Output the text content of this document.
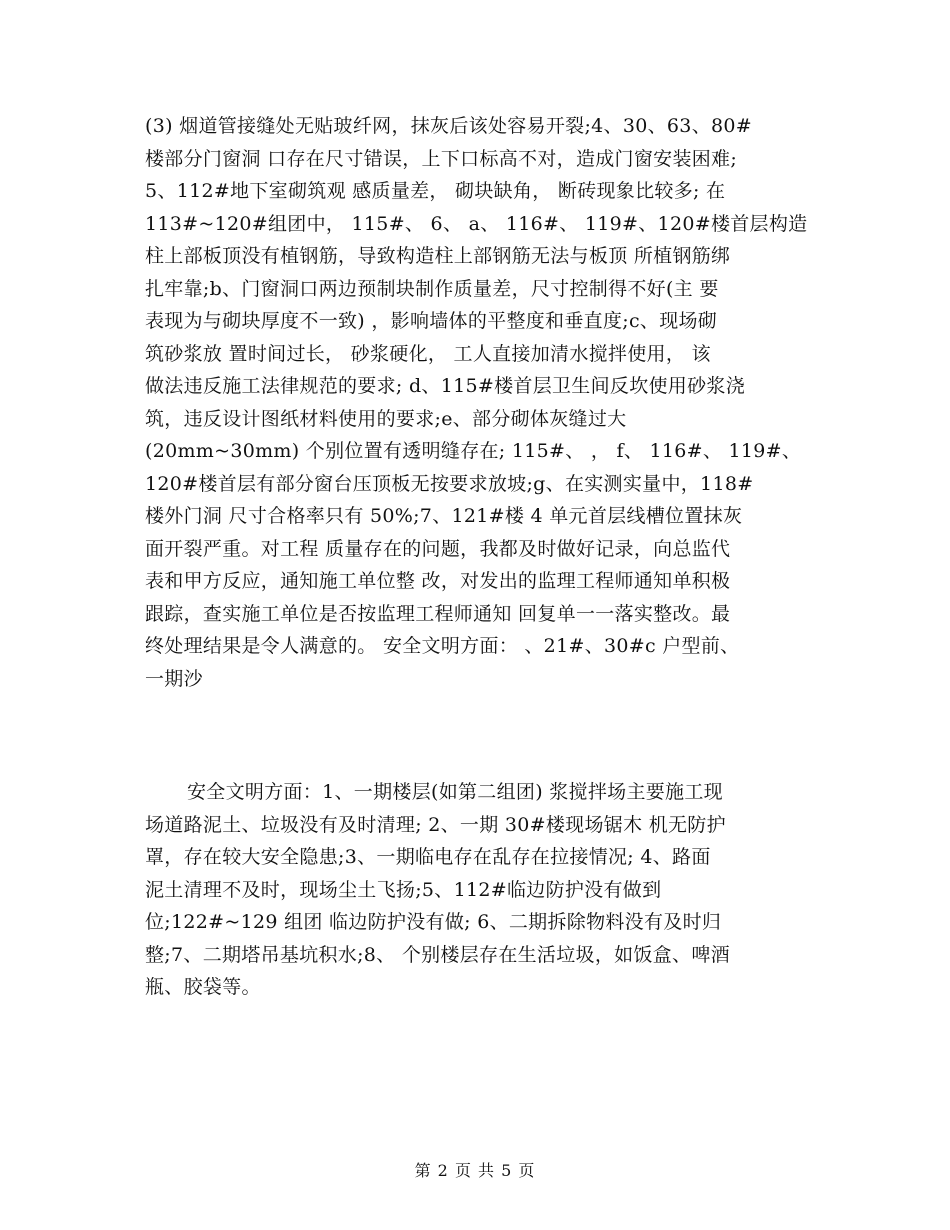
(3) 烟道管接缝处无贴玻纤网，抹灰后该处容易开裂;4、30、63、80#
楼部分门窗洞 口存在尺寸错误，上下口标高不对，造成门窗安装困难;
5、112#地下室砌筑观 感质量差， 砌块缺角， 断砖现象比较多; 在
113#~120#组团中， 115#、 6、 a、 116#、 119#、120#楼首层构造
柱上部板顶没有植钢筋，导致构造柱上部钢筋无法与板顶 所植钢筋绑
扎牢靠;b、门窗洞口两边预制块制作质量差，尺寸控制得不好(主 要
表现为与砌块厚度不一致) ，影响墙体的平整度和垂直度;c、现场砌
筑砂浆放 置时间过长， 砂浆硬化， 工人直接加清水搅拌使用， 该
做法违反施工法律规范的要求; d、115#楼首层卫生间反坎使用砂浆浇
筑，违反设计图纸材料使用的要求;e、部分砌体灰缝过大
(20mm~30mm) 个别位置有透明缝存在; 115#、 ， f、 116#、 119#、
120#楼首层有部分窗台压顶板无按要求放坡;g、在实测实量中，118#
楼外门洞 尺寸合格率只有 50%;7、121#楼 4 单元首层线槽位置抹灰
面开裂严重。对工程 质量存在的问题，我都及时做好记录，向总监代
表和甲方反应，通知施工单位整 改，对发出的监理工程师通知单积极
跟踪，查实施工单位是否按监理工程师通知 回复单一一落实整改。最
终处理结果是令人满意的。 安全文明方面： 、21#、30#c 户型前、
一期沙
安全文明方面：1、一期楼层(如第二组团) 浆搅拌场主要施工现
场道路泥土、垃圾没有及时清理; 2、一期 30#楼现场锯木 机无防护
罩，存在较大安全隐患;3、一期临电存在乱存在拉接情况; 4、路面
泥土清理不及时，现场尘土飞扬;5、112#临边防护没有做到
位;122#~129 组团 临边防护没有做; 6、二期拆除物料没有及时归
整;7、二期塔吊基坑积水;8、 个别楼层存在生活垃圾，如饭盒、啤酒
瓶、胶袋等。
第 2 页 共 5 页
